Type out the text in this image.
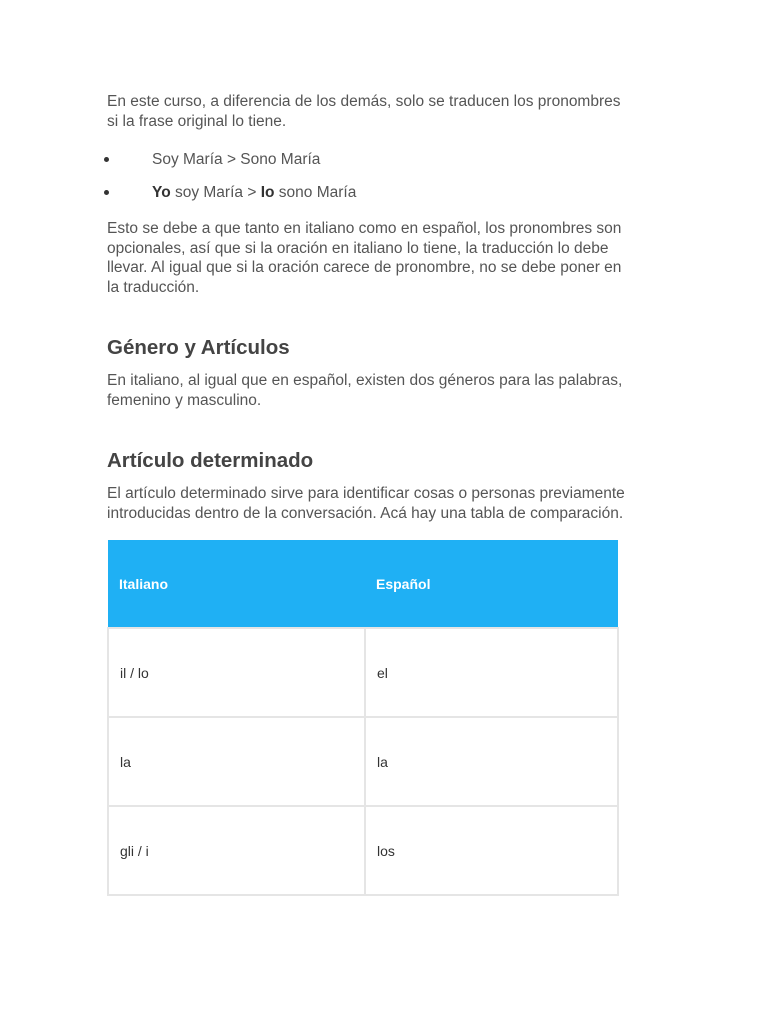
En este curso, a diferencia de los demás, solo se traducen los pronombres
si la frase original lo tiene.

Soy María > Sono María
Yo soy María > Io sono María

Esto se debe a que tanto en italiano como en español, los pronombres son
opcionales, así que si la oración en italiano lo tiene, la traducción lo debe
llevar. Al igual que si la oración carece de pronombre, no se debe poner en
la traducción.

Género y Artículos

En italiano, al igual que en español, existen dos géneros para las palabras,
femenino y masculino.

Artículo determinado

El artículo determinado sirve para identificar cosas o personas previamente
introducidas dentro de la conversación. Acá hay una tabla de comparación.

Italiano	Español
il / lo	el
la	la
gli / i	los
